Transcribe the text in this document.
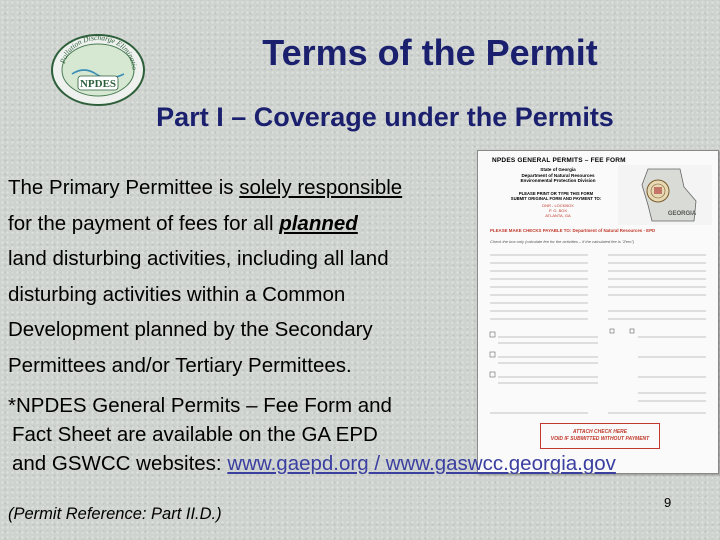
Pollution Discharge Eliminatio
NPDES
Terms of the Permit
Part I – Coverage under the Permits

The Primary Permittee is solely responsible

for the payment of fees for all planned

land disturbing activities, including all land

disturbing activities within a Common

Development planned by the Secondary

Permittees and/or Tertiary Permittees.

NPDES GENERAL PERMITS – FEE FORM
State of Georgia
Department of Natural Resources
Environmental Protection Division
PLEASE PRINT OR TYPE THIS FORM
SUBMIT ORIGINAL FORM AND PAYMENT TO:
DNR - LOCKBOX
P. O. BOX
ATLANTA, GA
PLEASE MAKE CHECKS PAYABLE TO: Department of Natural Resources - EPD
Check the box only (calculate fee for the activities – if the calculated fee is "Zero")
GEORGIA
ATTACH CHECK HERE
VOID IF SUBMITTED WITHOUT PAYMENT
*NPDES General Permits – Fee Form and
Fact Sheet are available on the GA EPD
and GSWCC websites: www.gaepd.org / www.gaswcc.georgia.gov
(Permit Reference: Part II.D.)
9
